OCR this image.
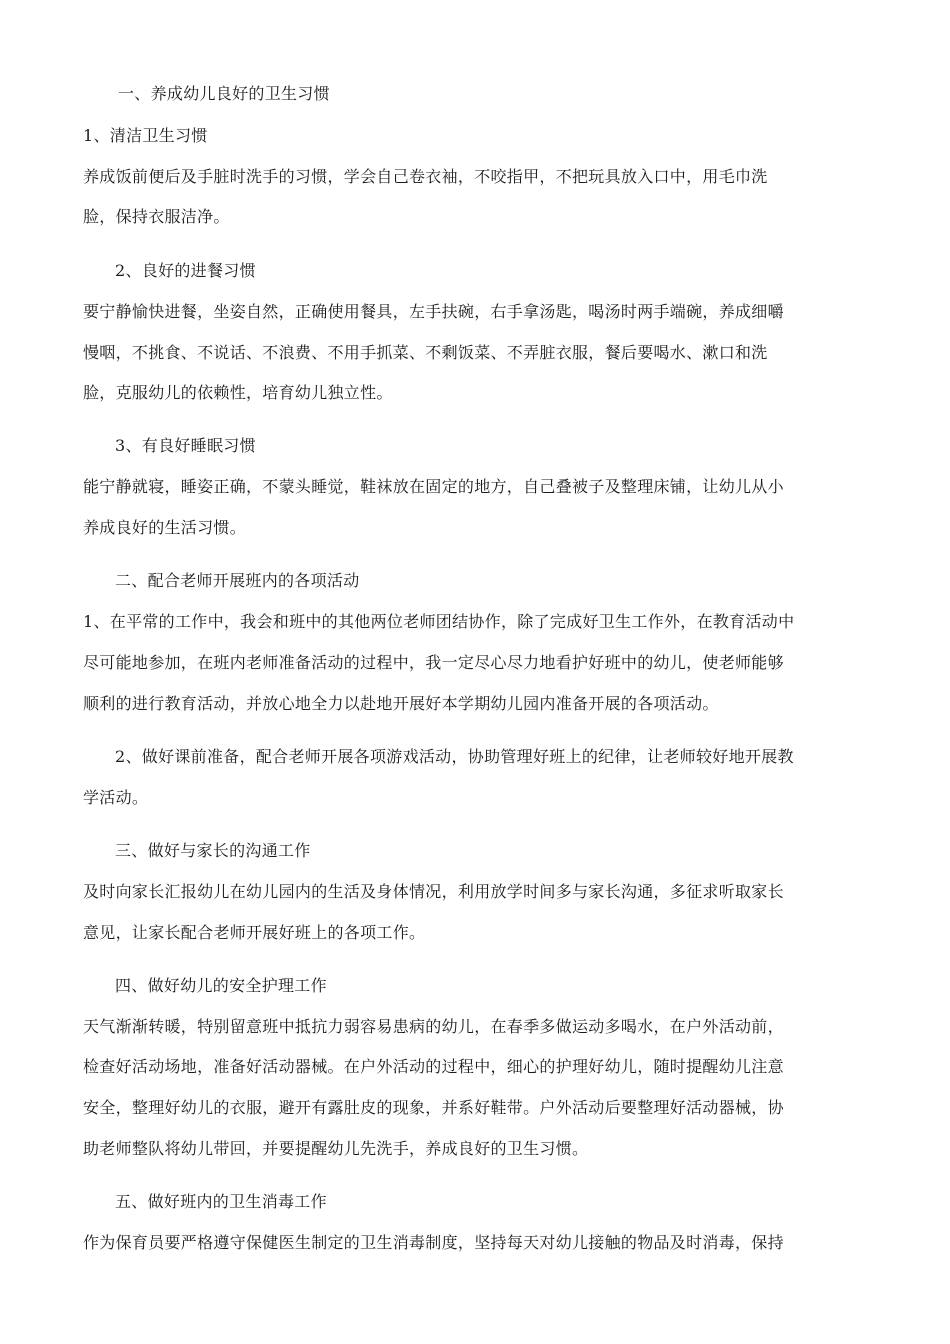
一、养成幼儿良好的卫生习惯
1、清洁卫生习惯
养成饭前便后及手脏时洗手的习惯，学会自己卷衣袖，不咬指甲，不把玩具放入口中，用毛巾洗
脸，保持衣服洁净。
2、良好的进餐习惯
要宁静愉快进餐，坐姿自然，正确使用餐具，左手扶碗，右手拿汤匙，喝汤时两手端碗，养成细嚼
慢咽，不挑食、不说话、不浪费、不用手抓菜、不剩饭菜、不弄脏衣服，餐后要喝水、漱口和洗
脸，克服幼儿的依赖性，培育幼儿独立性。
3、有良好睡眠习惯
能宁静就寝，睡姿正确，不蒙头睡觉，鞋袜放在固定的地方，自己叠被子及整理床铺，让幼儿从小
养成良好的生活习惯。
二、配合老师开展班内的各项活动
1、在平常的工作中，我会和班中的其他两位老师团结协作，除了完成好卫生工作外，在教育活动中
尽可能地参加，在班内老师准备活动的过程中，我一定尽心尽力地看护好班中的幼儿，使老师能够
顺利的进行教育活动，并放心地全力以赴地开展好本学期幼儿园内准备开展的各项活动。
2、做好课前准备，配合老师开展各项游戏活动，协助管理好班上的纪律，让老师较好地开展教
学活动。
三、做好与家长的沟通工作
及时向家长汇报幼儿在幼儿园内的生活及身体情况，利用放学时间多与家长沟通，多征求听取家长
意见，让家长配合老师开展好班上的各项工作。
四、做好幼儿的安全护理工作
天气渐渐转暖，特别留意班中抵抗力弱容易患病的幼儿，在春季多做运动多喝水，在户外活动前，
检查好活动场地，准备好活动器械。在户外活动的过程中，细心的护理好幼儿，随时提醒幼儿注意
安全，整理好幼儿的衣服，避开有露肚皮的现象，并系好鞋带。户外活动后要整理好活动器械，协
助老师整队将幼儿带回，并要提醒幼儿先洗手，养成良好的卫生习惯。
五、做好班内的卫生消毒工作
作为保育员要严格遵守保健医生制定的卫生消毒制度，坚持每天对幼儿接触的物品及时消毒，保持
